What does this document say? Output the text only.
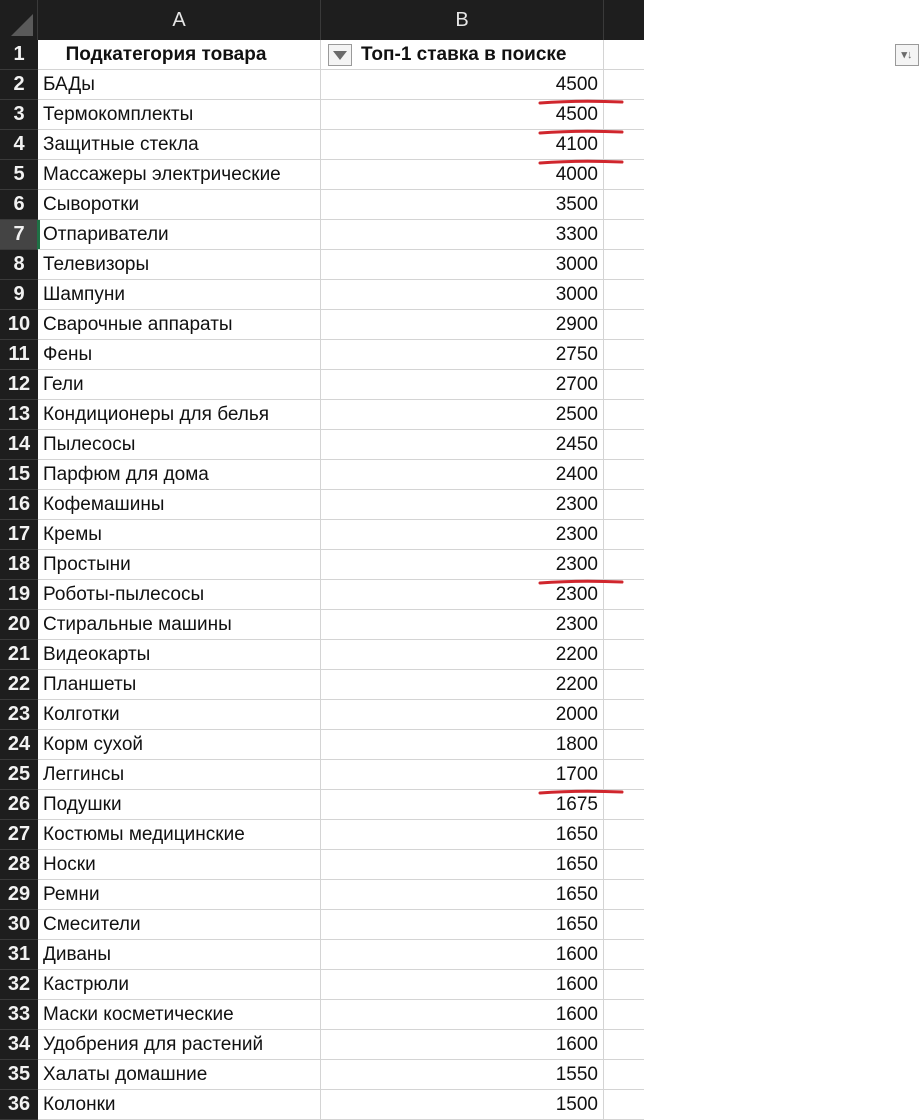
A	B
1	Подкатегория товара	Топ-1 ставка в поиске	▾↓
2 БАДы	4500
3 Термокомплекты	4500
4 Защитные стекла	4100
5 Массажеры электрические	4000
6 Сыворотки	3500
7 Отпариватели	3300
8 Телевизоры	3000
9 Шампуни	3000
10 Сварочные аппараты	2900
11 Фены	2750
12 Гели	2700
13 Кондиционеры для белья	2500
14 Пылесосы	2450
15 Парфюм для дома	2400
16 Кофемашины	2300
17 Кремы	2300
18 Простыни	2300
19 Роботы-пылесосы	2300
20 Стиральные машины	2300
21 Видеокарты	2200
22 Планшеты	2200
23 Колготки	2000
24 Корм сухой	1800
25 Леггинсы	1700
26 Подушки	1675
27 Костюмы медицинские	1650
28 Носки	1650
29 Ремни	1650
30 Смесители	1650
31 Диваны	1600
32 Кастрюли	1600
33 Маски косметические	1600
34 Удобрения для растений	1600
35 Халаты домашние	1550
36 Колонки	1500
